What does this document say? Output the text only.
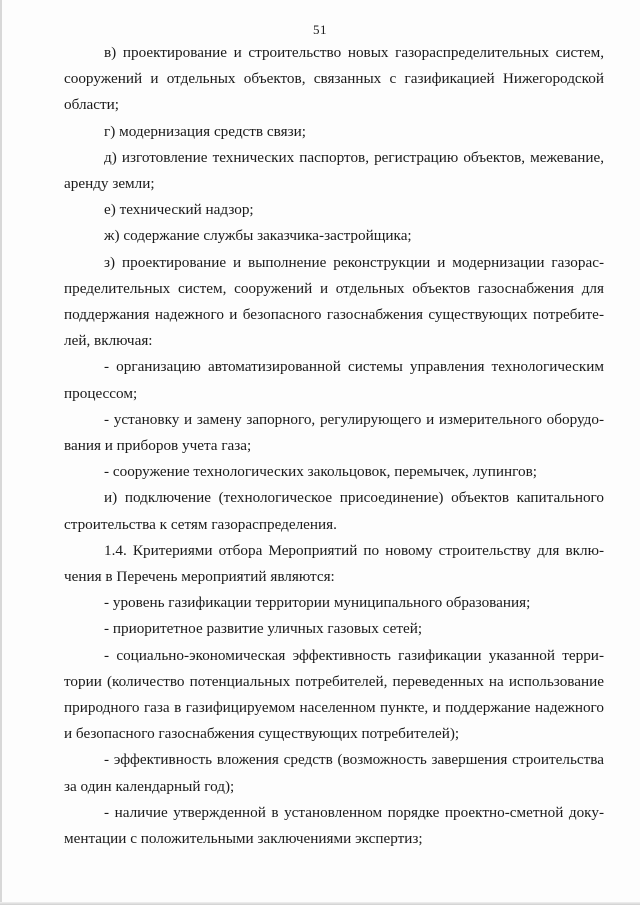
51

в) проектирование и строительство новых газораспределительных систем, сооружений и отдельных объектов, связанных с газификацией Нижегородской области;

г) модернизация средств связи;

д) изготовление технических паспортов, регистрацию объектов, межевание, аренду земли;

е) технический надзор;

ж) содержание службы заказчика-застройщика;

з) проектирование и выполнение реконструкции и модернизации газораспределительных систем, сооружений и отдельных объектов газоснабжения для поддержания надежного и безопасного газоснабжения существующих потребителей, включая:

- организацию автоматизированной системы управления технологическим процессом;

- установку и замену запорного, регулирующего и измерительного оборудования и приборов учета газа;

- сооружение технологических закольцовок, перемычек, лупингов;

и) подключение (технологическое присоединение) объектов капитального строительства к сетям газораспределения.

1.4. Критериями отбора Мероприятий по новому строительству для включения в Перечень мероприятий являются:

- уровень газификации территории муниципального образования;

- приоритетное развитие уличных газовых сетей;

- социально-экономическая эффективность газификации указанной территории (количество потенциальных потребителей, переведенных на использование природного газа в газифицируемом населенном пункте, и поддержание надежного и безопасного газоснабжения существующих потребителей);

- эффективность вложения средств (возможность завершения строительства за один календарный год);

- наличие утвержденной в установленном порядке проектно-сметной документации с положительными заключениями экспертиз;
